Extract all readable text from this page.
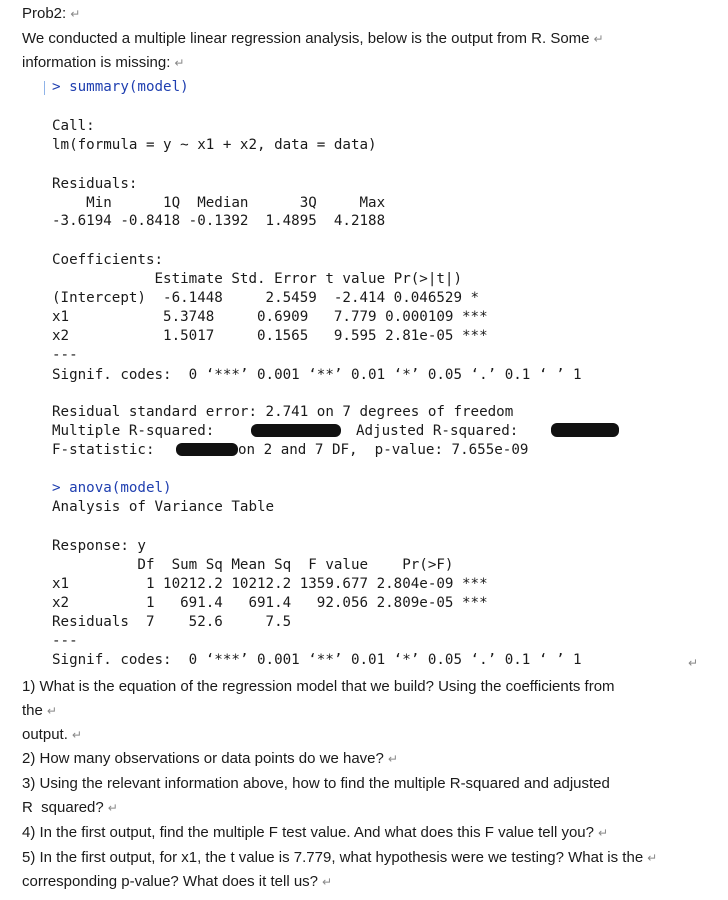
Prob2: ↵
We conducted a multiple linear regression analysis, below is the output from R. Some ↵
information is missing: ↵
> summary(model)
Call:
lm(formula = y ~ x1 + x2, data = data)
Residuals:
Min      1Q  Median      3Q     Max
-3.6194 -0.8418 -0.1392  1.4895  4.2188
Coefficients:
Estimate Std. Error t value Pr(>|t|)
(Intercept)  -6.1448     2.5459  -2.414 0.046529 *
x1           5.3748     0.6909   7.779 0.000109 ***
x2           1.5017     0.1565   9.595 2.81e-05 ***
---
Signif. codes:  0 ‘***’ 0.001 ‘**’ 0.01 ‘*’ 0.05 ‘.’ 0.1 ‘ ’ 1
Residual standard error: 2.741 on 7 degrees of freedom
Multiple R-squared:	Adjusted R-squared:
F-statistic:	on 2 and 7 DF,  p-value: 7.655e-09
> anova(model)
Analysis of Variance Table
Response: y
Df  Sum Sq Mean Sq  F value    Pr(>F)
x1         1 10212.2 10212.2 1359.677 2.804e-09 ***
x2         1   691.4   691.4   92.056 2.809e-05 ***
Residuals  7    52.6     7.5
---
Signif. codes:  0 ‘***’ 0.001 ‘**’ 0.01 ‘*’ 0.05 ‘.’ 0.1 ‘ ’ 1	↵
1) What is the equation of the regression model that we build? Using the coefficients from
the ↵
output. ↵
2) How many observations or data points do we have? ↵
3) Using the relevant information above, how to find the multiple R-squared and adjusted
R  squared? ↵
4) In the first output, find the multiple F test value. And what does this F value tell you? ↵
5) In the first output, for x1, the t value is 7.779, what hypothesis were we testing? What is the ↵
corresponding p-value? What does it tell us? ↵
